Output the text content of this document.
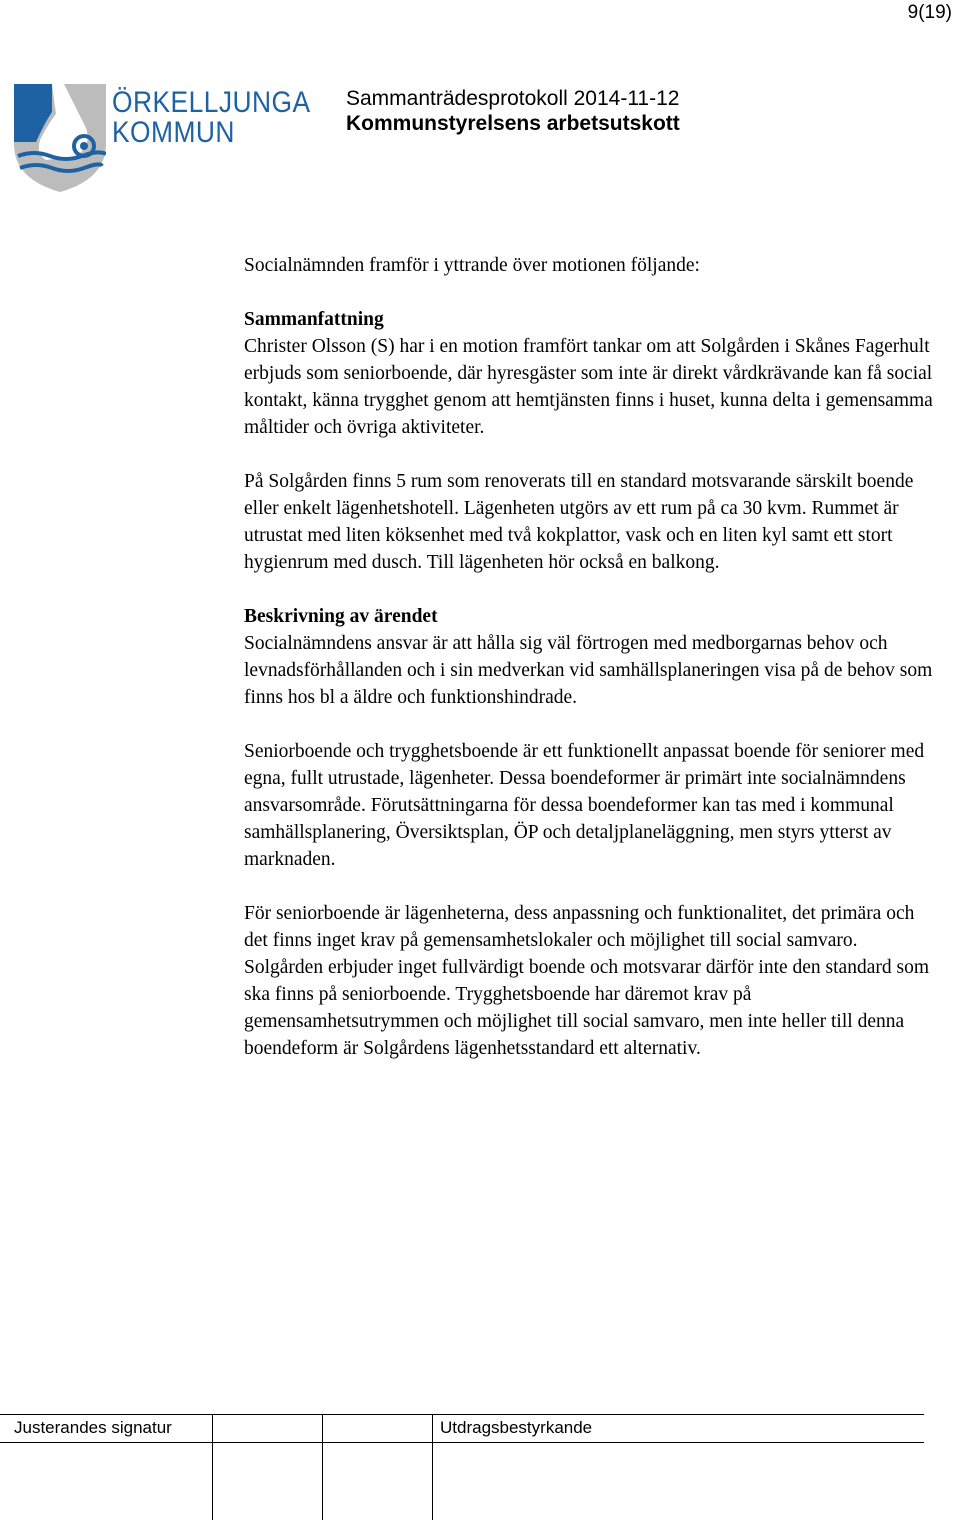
9(19)
ÖRKELLJUNGA
KOMMUN
Sammanträdesprotokoll 2014-11-12
Kommunstyrelsens arbetsutskott

Socialnämnden framför i yttrande över motionen följande:

Sammanfattning

Christer Olsson (S) har i en motion framfört tankar om att Solgården i Skånes Fagerhult erbjuds som seniorboende, där hyresgäster som inte är direkt vårdkrävande kan få social kontakt, känna trygghet genom att hemtjänsten finns i huset, kunna delta i gemensamma måltider och övriga aktiviteter.

På Solgården finns 5 rum som renoverats till en standard motsvarande särskilt boende eller enkelt lägenhetshotell. Lägenheten utgörs av ett rum på ca 30 kvm. Rummet är utrustat med liten köksenhet med två kokplattor, vask och en liten kyl samt ett stort hygienrum med dusch. Till lägenheten hör också en balkong.

Beskrivning av ärendet

Socialnämndens ansvar är att hålla sig väl förtrogen med medborgarnas behov och levnadsförhållanden och i sin medverkan vid samhällsplaneringen visa på de behov som finns hos bl a äldre och funktionshindrade.

Seniorboende och trygghetsboende är ett funktionellt anpassat boende för seniorer med egna, fullt utrustade, lägenheter. Dessa boendeformer är primärt inte socialnämndens ansvarsområde. Förutsättningarna för dessa boendeformer kan tas med i kommunal samhällsplanering, Översiktsplan, ÖP och detaljplaneläggning, men styrs ytterst av marknaden.

För seniorboende är lägenheterna, dess anpassning och funktionalitet, det primära och det finns inget krav på gemensamhetslokaler och möjlighet till social samvaro. Solgården erbjuder inget fullvärdigt boende och motsvarar därför inte den standard som ska finns på seniorboende. Trygghetsboende har däremot krav på gemensamhetsutrymmen och möjlighet till social samvaro, men inte heller till denna boendeform är Solgårdens lägenhetsstandard ett alternativ.

Justerandes signatur	Utdragsbestyrkande
